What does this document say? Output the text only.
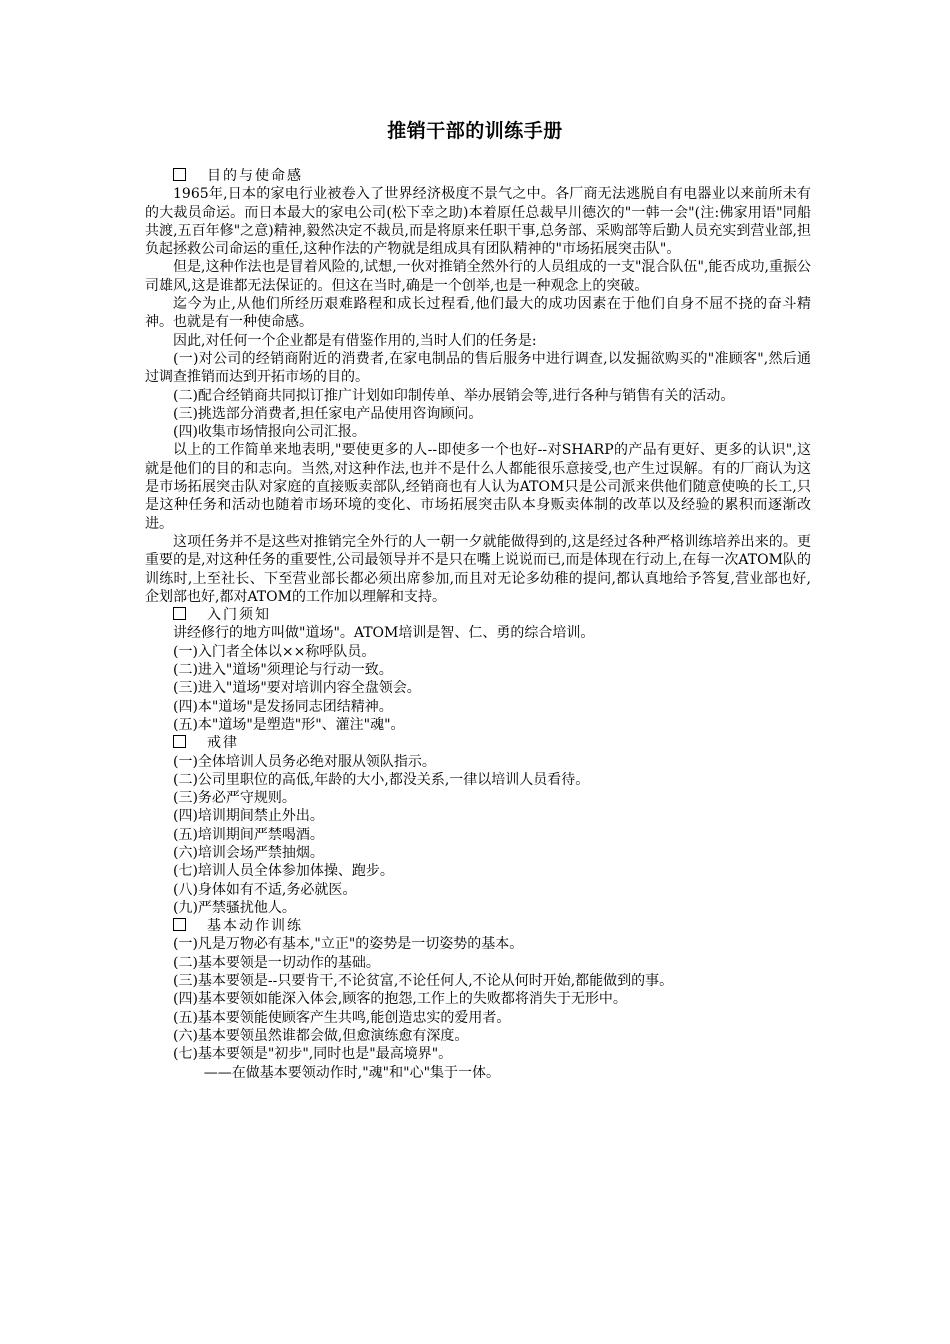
推销干部的训练手册

目的与使命感

1965年,日本的家电行业被卷入了世界经济极度不景气之中。各厂商无法逃脱自有电器业以来前所未有的大裁员命运。而日本最大的家电公司(松下幸之助)本着原任总裁早川德次的"一韩一会"(注:佛家用语"同船共渡,五百年修"之意)精神,毅然决定不裁员,而是将原来任职干事,总务部、采购部等后勤人员充实到营业部,担负起拯救公司命运的重任,这种作法的产物就是组成具有团队精神的"市场拓展突击队"。

但是,这种作法也是冒着风险的,试想,一伙对推销全然外行的人员组成的一支"混合队伍",能否成功,重振公司雄风,这是谁都无法保证的。但这在当时,确是一个创举,也是一种观念上的突破。

迄今为止,从他们所经历艰难路程和成长过程看,他们最大的成功因素在于他们自身不屈不挠的奋斗精神。也就是有一种使命感。

因此,对任何一个企业都是有借鉴作用的,当时人们的任务是:

(一)对公司的经销商附近的消费者,在家电制品的售后服务中进行调查,以发掘欲购买的"准顾客",然后通过调查推销而达到开拓市场的目的。

(二)配合经销商共同拟订推广计划如印制传单、举办展销会等,进行各种与销售有关的活动。

(三)挑选部分消费者,担任家电产品使用咨询顾问。

(四)收集市场情报向公司汇报。

以上的工作简单来地表明,"要使更多的人--即使多一个也好--对SHARP的产品有更好、更多的认识",这就是他们的目的和志向。当然,对这种作法,也并不是什么人都能很乐意接受,也产生过误解。有的厂商认为这是市场拓展突击队对家庭的直接贩卖部队,经销商也有人认为ATOM只是公司派来供他们随意使唤的长工,只是这种任务和活动也随着市场环境的变化、市场拓展突击队本身贩卖体制的改革以及经验的累积而逐渐改进。

这项任务并不是这些对推销完全外行的人一朝一夕就能做得到的,这是经过各种严格训练培养出来的。更重要的是,对这种任务的重要性,公司最领导并不是只在嘴上说说而已,而是体现在行动上,在每一次ATOM队的训练时,上至社长、下至营业部长都必须出席参加,而且对无论多幼稚的提问,都认真地给予答复,营业部也好,企划部也好,都对ATOM的工作加以理解和支持。

入门须知

讲经修行的地方叫做"道场"。ATOM培训是智、仁、勇的综合培训。

(一)入门者全体以××称呼队员。

(二)进入"道场"须理论与行动一致。

(三)进入"道场"要对培训内容全盘领会。

(四)本"道场"是发扬同志团结精神。

(五)本"道场"是塑造"形"、灌注"魂"。

戒律

(一)全体培训人员务必绝对服从领队指示。

(二)公司里职位的高低,年龄的大小,都没关系,一律以培训人员看待。

(三)务必严守规则。

(四)培训期间禁止外出。

(五)培训期间严禁喝酒。

(六)培训会场严禁抽烟。

(七)培训人员全体参加体操、跑步。

(八)身体如有不适,务必就医。

(九)严禁骚扰他人。

基本动作训练

(一)凡是万物必有基本,"立正"的姿势是一切姿势的基本。

(二)基本要领是一切动作的基础。

(三)基本要领是--只要肯干,不论贫富,不论任何人,不论从何时开始,都能做到的事。

(四)基本要领如能深入体会,顾客的抱怨,工作上的失败都将消失于无形中。

(五)基本要领能使顾客产生共鸣,能创造忠实的爱用者。

(六)基本要领虽然谁都会做,但愈演练愈有深度。

(七)基本要领是"初步",同时也是"最高境界"。

——在做基本要领动作时,"魂"和"心"集于一体。
